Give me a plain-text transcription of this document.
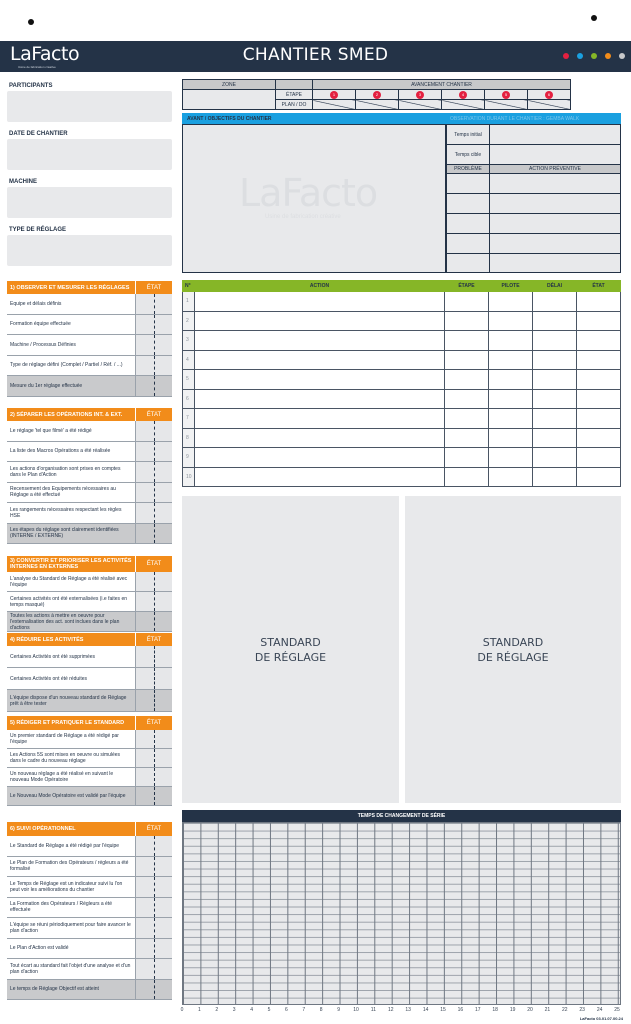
LaFacto
Usine de fabrication créative
CHANTIER SMED
PARTICIPANTS
DATE DE CHANTIER
MACHINE
TYPE DE RÉGLAGE
1) OBSERVER ET MESURER LES RÉGLAGES	ÉTAT
Equipe et délais définis
Formation équipe effectuée
Machine / Processus Définies
Type de réglage défini (Complet / Partiel / Réf. / ...)
Mesure du 1er réglage effectuée
2) SÉPARER LES OPÉRATIONS INT. & EXT.	ÉTAT
Le réglage 'tel que filmé' a été rédigé
La liste des Macros Opérations a été réalisée
Les actions d'organisation sont prises en comptes dans le Plan d'Action
Recensement des Equipements nécessaires au Réglage a été effectué
Les rangements nécessaires respectant les règles HSE
Les étapes du réglage sont clairement identifiées (INTERNE / EXTERNE)
3) CONVERTIR ET PRIORISER LES ACTIVITÉS INTERNES EN EXTERNES	ÉTAT
L'analyse du Standard de Réglage a été réalisé avec l'équipe
Certaines activités ont été externalisées (i.e faites en temps masqué)
Toutes les actions à mettre en oeuvre pour l'externalisation des act. sont inclues dans le plan d'actions
4) RÉDUIRE LES ACTIVITÉS	ÉTAT
Certaines Activités ont été supprimées
Certaines Activités ont été réduites
L'équipe dispose d'un nouveau standard de Réglage prêt à être tester
5) RÉDIGER ET PRATIQUER LE STANDARD	ÉTAT
Un premier standard de Réglage a été rédigé par l'équipe
Les Actions 5S sont mises en oeuvre ou simulées dans le cadre du nouveau réglage
Un nouveau réglage a été réalisé en suivant le nouveau Mode Opératoire
Le Nouveau Mode Opératoire est validé par l'équipe
6) SUIVI OPÉRATIONNEL	ÉTAT
Le Standard de Réglage a été rédigé par l'équipe
Le Plan de Formation des Opérateurs / régleurs a été formalisé
Le Temps de Réglage est un indicateur suivi lu l'on peut voir les améliorations du chantier
La Formation des Opérateurs / Régleurs a été effectuée
L'équipe se réuni périodiquement pour faire avancer le plan d'action
Le Plan d'Action est validé
Tout écart au standard fait l'objet d'une analyse et d'un plan d'action
Le temps de Réglage Objectif est atteint
ZONE		AVANCEMENT CHANTIER					
	ÉTAPE	1	2	3	4	5	6
	PLAN / DO						
AVANT / OBJECTIFS DU CHANTIER	OBSERVATION DURANT LE CHANTIER : GEMBA WALK
LaFacto
Usine de fabrication créative
Temps initial	
Temps cible	
PROBLÈME	ACTION PRÉVENTIVE

N°	ACTION	ÉTAPE	PILOTE	DÉLAI	ÉTAT
1					
2					
3					
4					
5					
6					
7					
8					
9					
10					
STANDARD
DE RÉGLAGE
STANDARD
DE RÉGLAGE
TEMPS DE CHANGEMENT DE SÉRIE
0	1	2	3	4	5	6	7	8	9	10 11 12 13 14 15 16 17 18 19 20 21 22 23 24 25
LaFacto 03.01.07.00.24
